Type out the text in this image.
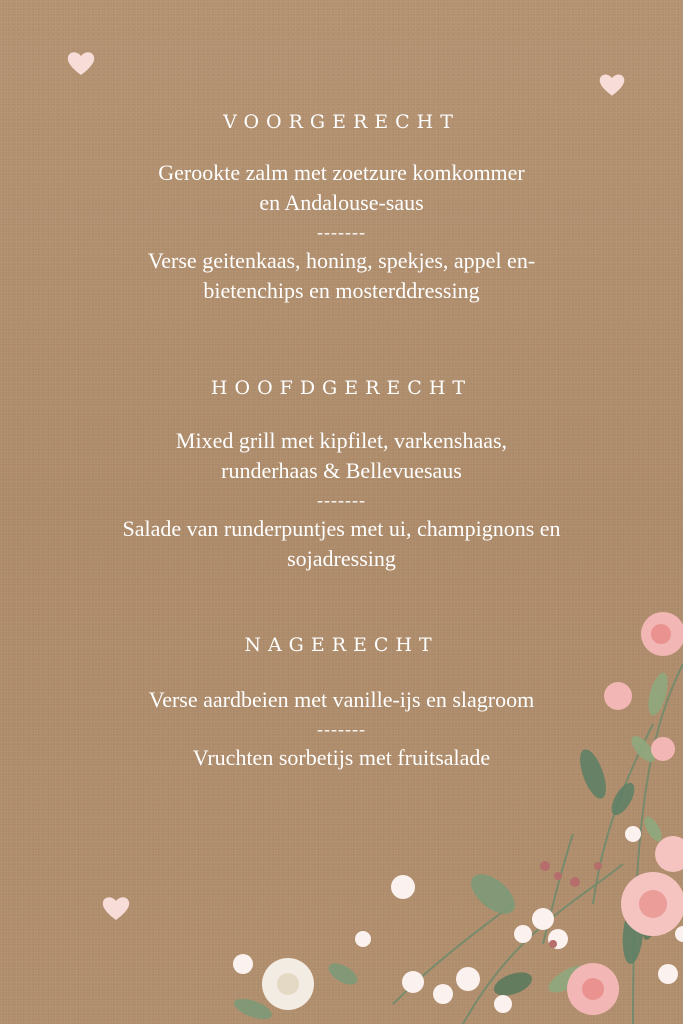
VOORGERECHT

Gerookte zalm met zoetzure komkommer

en Andalouse-saus

-------

Verse geitenkaas, honing, spekjes, appel en-

bietenchips en mosterddressing

HOOFDGERECHT

Mixed grill met kipfilet, varkenshaas,

runderhaas & Bellevuesaus

-------

Salade van runderpuntjes met ui, champignons en

sojadressing

NAGERECHT

Verse aardbeien met vanille-ijs en slagroom

-------

Vruchten sorbetijs met fruitsalade
